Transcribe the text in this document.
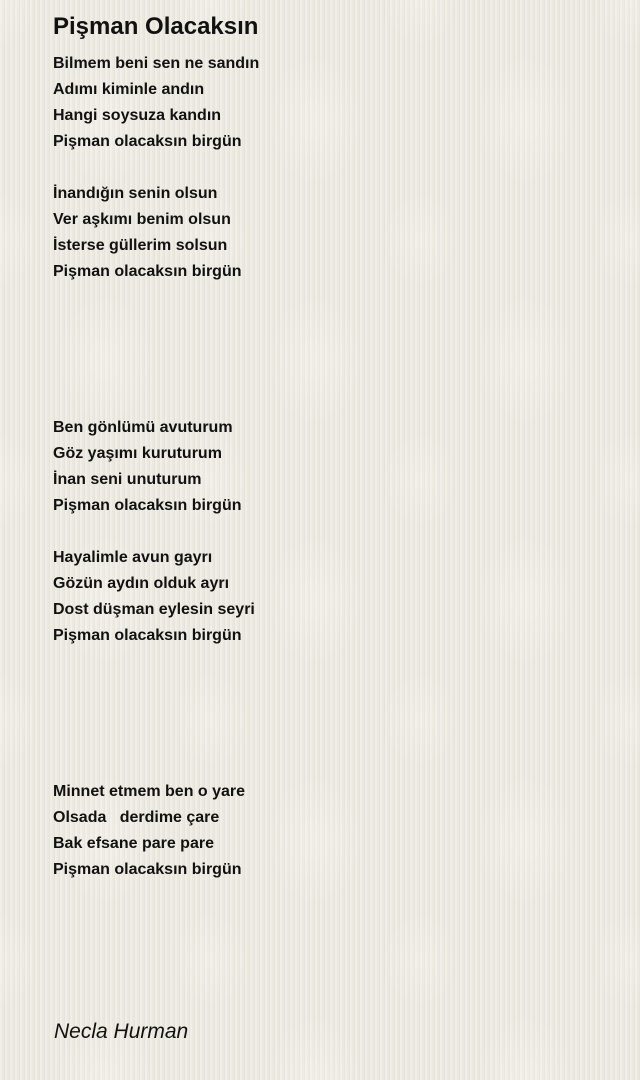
Pişman Olacaksın
Bilmem beni sen ne sandın
Adımı kiminle andın
Hangi soysuza kandın
Pişman olacaksın birgün
İnandığın senin olsun
Ver aşkımı benim olsun
İsterse güllerim solsun
Pişman olacaksın birgün
Ben gönlümü avuturum
Göz yaşımı kuruturum
İnan seni unuturum
Pişman olacaksın birgün
Hayalimle avun gayrı
Gözün aydın olduk ayrı
Dost düşman eylesin seyri
Pişman olacaksın birgün
Minnet etmem ben o yare
Olsada   derdime çare
Bak efsane pare pare
Pişman olacaksın birgün

Necla Hurman
